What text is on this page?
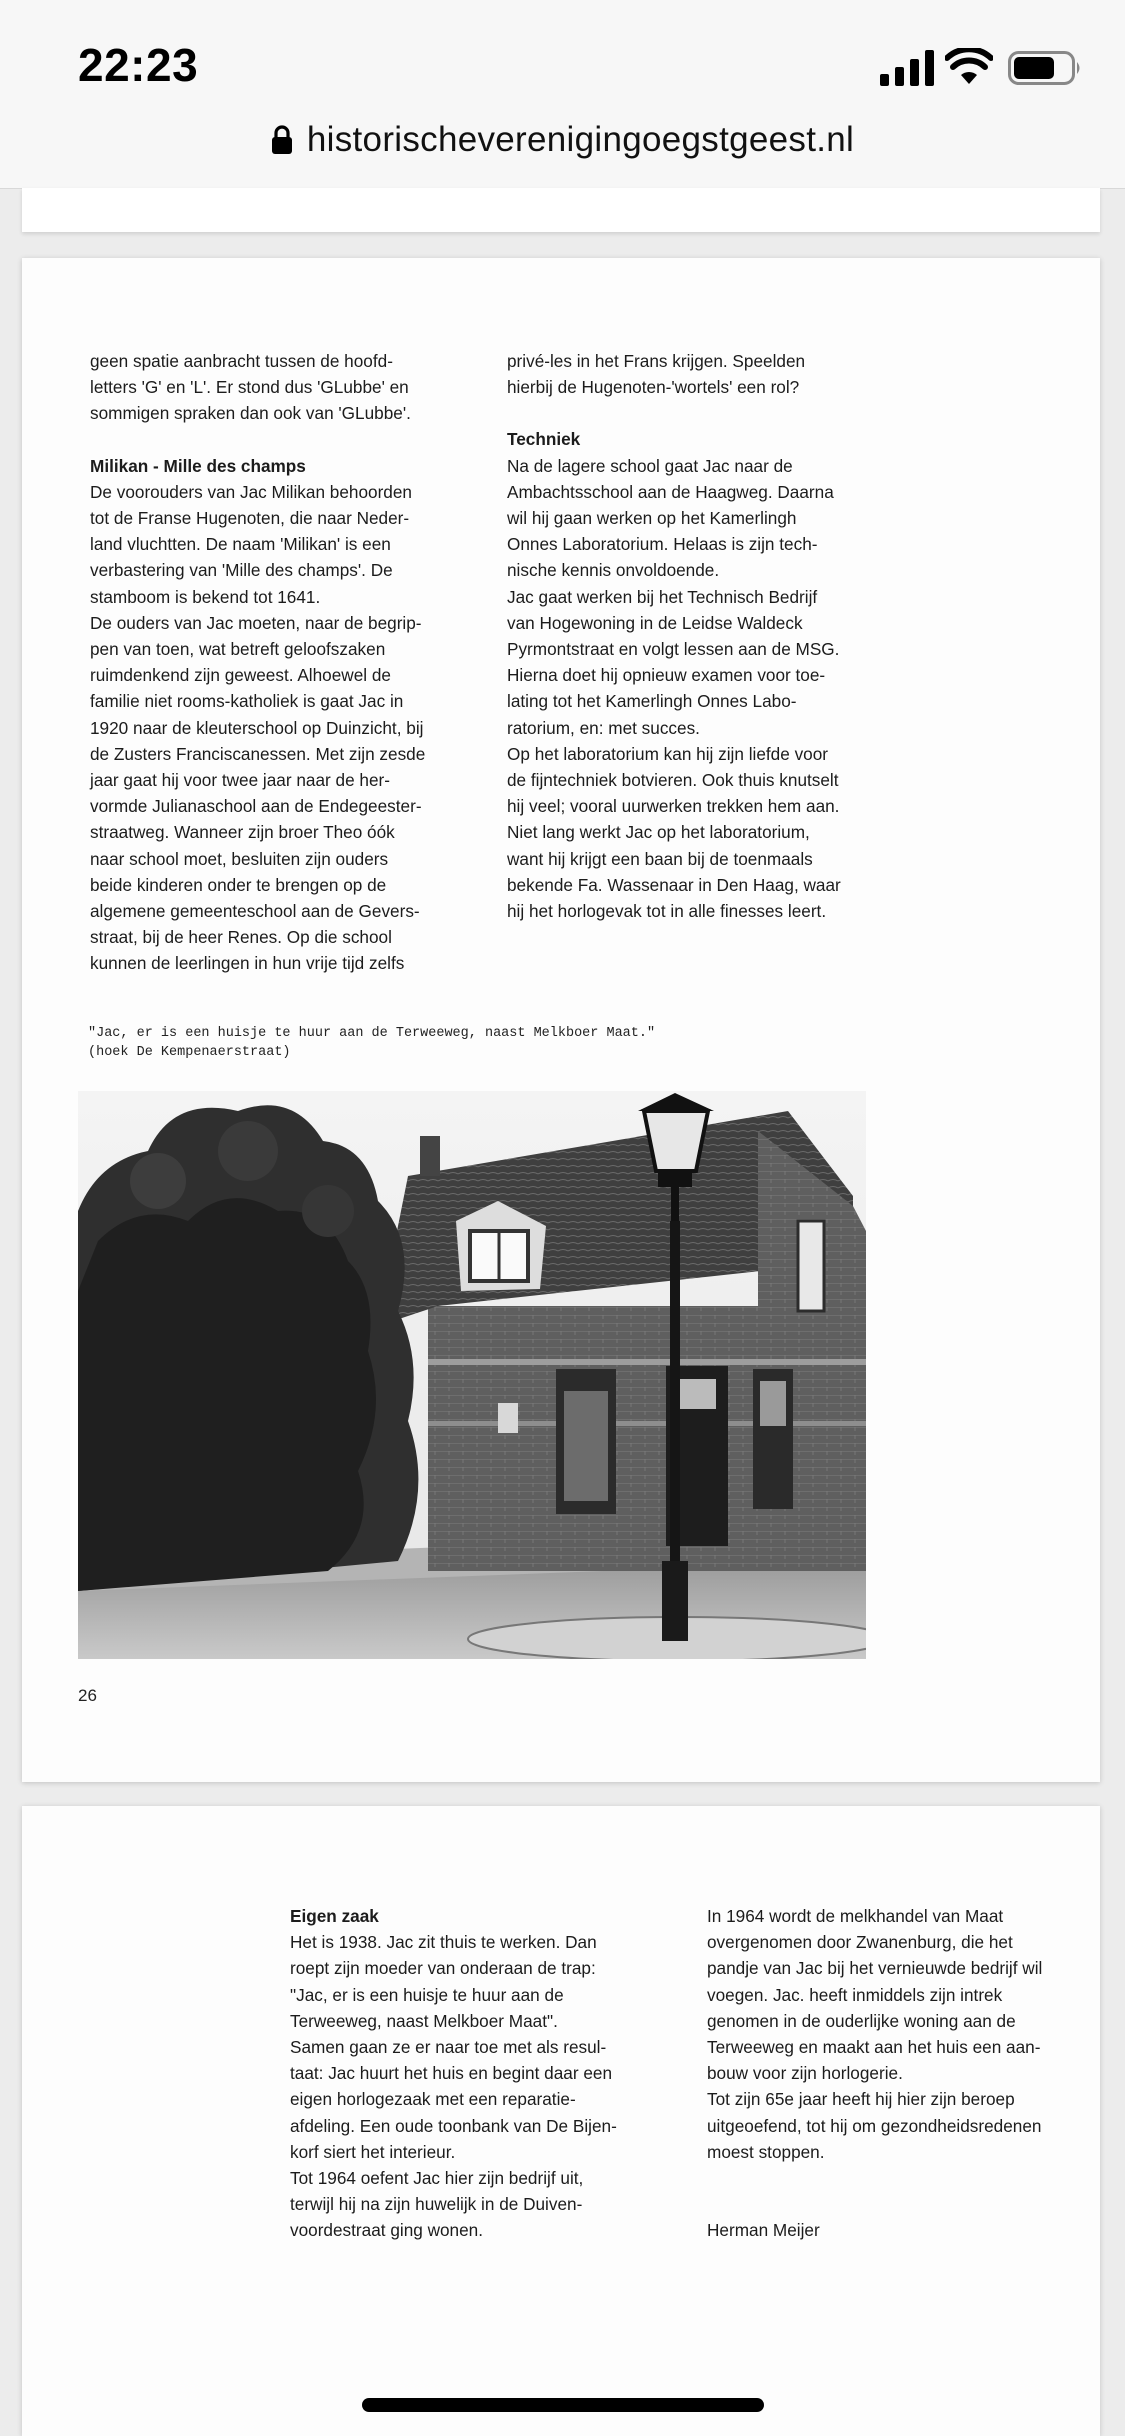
22:23
historischeverenigingoegstgeest.nl

geen spatie aanbracht tussen de hoofd-

letters 'G' en 'L'. Er stond dus 'GLubbe' en

sommigen spraken dan ook van 'GLubbe'.

Milikan - Mille des champs

De voorouders van Jac Milikan behoorden

tot de Franse Hugenoten, die naar Neder-

land vluchtten. De naam 'Milikan' is een

verbastering van 'Mille des champs'. De

stamboom is bekend tot 1641.

De ouders van Jac moeten, naar de begrip-

pen van toen, wat betreft geloofszaken

ruimdenkend zijn geweest. Alhoewel de

familie niet rooms-katholiek is gaat Jac in

1920 naar de kleuterschool op Duinzicht, bij

de Zusters Franciscanessen. Met zijn zesde

jaar gaat hij voor twee jaar naar de her-

vormde Julianaschool aan de Endegeester-

straatweg. Wanneer zijn broer Theo óók

naar school moet, besluiten zijn ouders

beide kinderen onder te brengen op de

algemene gemeenteschool aan de Gevers-

straat, bij de heer Renes. Op die school

kunnen de leerlingen in hun vrije tijd zelfs

privé-les in het Frans krijgen. Speelden

hierbij de Hugenoten-'wortels' een rol?

Techniek

Na de lagere school gaat Jac naar de

Ambachtsschool aan de Haagweg. Daarna

wil hij gaan werken op het Kamerlingh

Onnes Laboratorium. Helaas is zijn tech-

nische kennis onvoldoende.

Jac gaat werken bij het Technisch Bedrijf

van Hogewoning in de Leidse Waldeck

Pyrmontstraat en volgt lessen aan de MSG.

Hierna doet hij opnieuw examen voor toe-

lating tot het Kamerlingh Onnes Labo-

ratorium, en: met succes.

Op het laboratorium kan hij zijn liefde voor

de fijntechniek botvieren. Ook thuis knutselt

hij veel; vooral uurwerken trekken hem aan.

Niet lang werkt Jac op het laboratorium,

want hij krijgt een baan bij de toenmaals

bekende Fa. Wassenaar in Den Haag, waar

hij het horlogevak tot in alle finesses leert.

"Jac, er is een huisje te huur aan de Terweeweg, naast Melkboer Maat."

(hoek De Kempenaerstraat)

26
Eigen zaak

Het is 1938. Jac zit thuis te werken. Dan

roept zijn moeder van onderaan de trap:

"Jac, er is een huisje te huur aan de

Terweeweg, naast Melkboer Maat".

Samen gaan ze er naar toe met als resul-

taat: Jac huurt het huis en begint daar een

eigen horlogezaak met een reparatie-

afdeling. Een oude toonbank van De Bijen-

korf siert het interieur.

Tot 1964 oefent Jac hier zijn bedrijf uit,

terwijl hij na zijn huwelijk in de Duiven-

voordestraat ging wonen.

In 1964 wordt de melkhandel van Maat

overgenomen door Zwanenburg, die het

pandje van Jac bij het vernieuwde bedrijf wil

voegen. Jac. heeft inmiddels zijn intrek

genomen in de ouderlijke woning aan de

Terweeweg en maakt aan het huis een aan-

bouw voor zijn horlogerie.

Tot zijn 65e jaar heeft hij hier zijn beroep

uitgeoefend, tot hij om gezondheidsredenen

moest stoppen.

Herman Meijer
